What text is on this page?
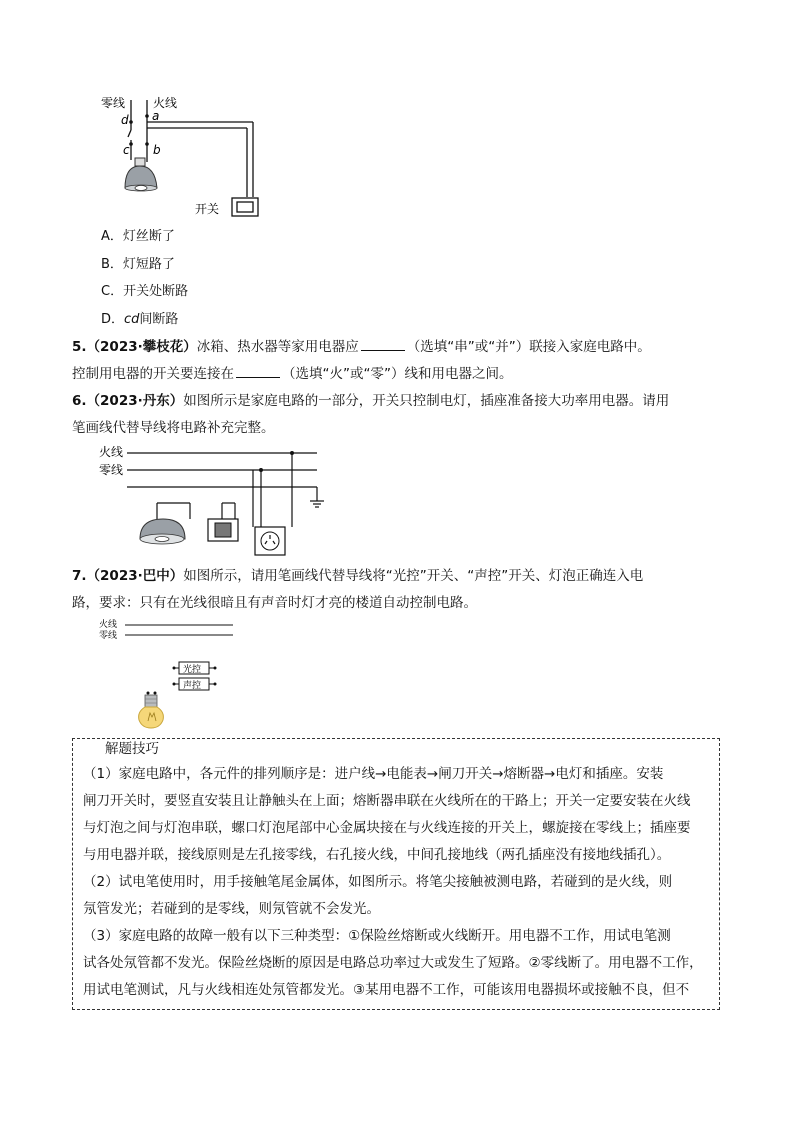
零线 火线
d a
c b
开关
A．灯丝断了
B．灯短路了
C．开关处断路
D．cd间断路
5.（2023·攀枝花）冰箱、热水器等家用电器应	（选填“串”或“并”）联接入家庭电路中。
控制用电器的开关要连接在	（选填“火”或“零”）线和用电器之间。
6.（2023·丹东）如图所示是家庭电路的一部分，开关只控制电灯，插座准备接大功率用电器。请用
笔画线代替导线将电路补充完整。
火线
零线
7.（2023·巴中）如图所示，请用笔画线代替导线将“光控”开关、“声控”开关、灯泡正确连入电
路，要求：只有在光线很暗且有声音时灯才亮的楼道自动控制电路。
火线
零线
光控
声控
解题技巧
（1）家庭电路中，各元件的排列顺序是：进户线→电能表→闸刀开关→熔断器→电灯和插座。安装
闸刀开关时，要竖直安装且让静触头在上面；熔断器串联在火线所在的干路上；开关一定要安装在火线
与灯泡之间与灯泡串联，螺口灯泡尾部中心金属块接在与火线连接的开关上，螺旋接在零线上；插座要
与用电器并联，接线原则是左孔接零线，右孔接火线，中间孔接地线（两孔插座没有接地线插孔）。
（2）试电笔使用时，用手接触笔尾金属体，如图所示。将笔尖接触被测电路，若碰到的是火线，则
氖管发光；若碰到的是零线，则氖管就不会发光。
（3）家庭电路的故障一般有以下三种类型：①保险丝熔断或火线断开。用电器不工作，用试电笔测
试各处氖管都不发光。保险丝烧断的原因是电路总功率过大或发生了短路。②零线断了。用电器不工作，
用试电笔测试，凡与火线相连处氖管都发光。③某用电器不工作，可能该用电器损坏或接触不良，但不
